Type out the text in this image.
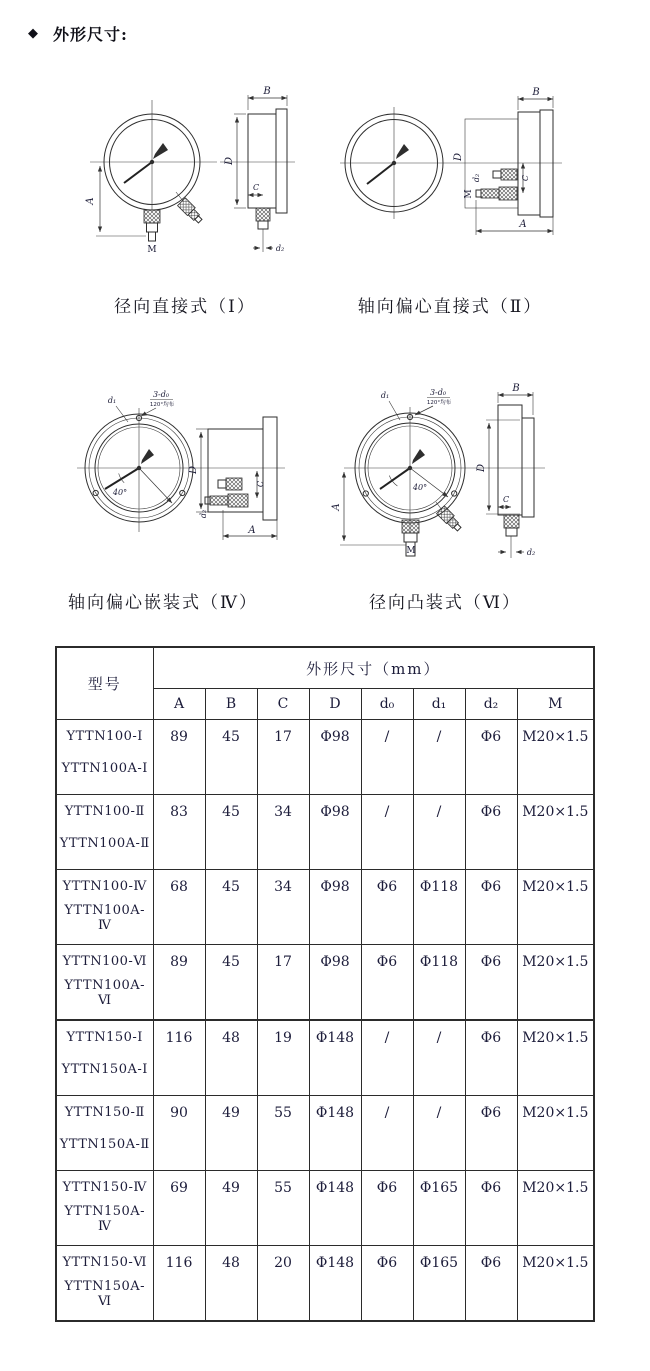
◆ 外形尺寸:
M
A
B
D
C
d₂
D
B
M
d₂	C
A
d₁
3-d₀
120°均布
40°
D
C
d₂
A
d₁	3-d₀
120°均布
40°
A
M
B
D
C
d₂
径向直接式（Ⅰ）	轴向偏心直接式（Ⅱ）
轴向偏心嵌装式（Ⅳ）	径向凸装式（Ⅵ）
型号	外形尺寸（mm）							
	A	B	C	D	d₀	d₁	d₂	M

YTTN100-Ⅰ
YTTN100A-Ⅰ	89	45	17	Φ98	/	/	Φ6	M20×1.5

YTTN100-Ⅱ
YTTN100A-Ⅱ	83	45	34	Φ98	/	/	Φ6	M20×1.5

YTTN100-Ⅳ
YTTN100A-Ⅳ	68	45	34	Φ98	Φ6	Φ118	Φ6	M20×1.5

YTTN100-Ⅵ
YTTN100A-Ⅵ	89	45	17	Φ98	Φ6	Φ118	Φ6	M20×1.5

YTTN150-Ⅰ
YTTN150A-Ⅰ	116	48	19	Φ148	/	/	Φ6	M20×1.5

YTTN150-Ⅱ
YTTN150A-Ⅱ	90	49	55	Φ148	/	/	Φ6	M20×1.5

YTTN150-Ⅳ
YTTN150A-Ⅳ	69	49	55	Φ148	Φ6	Φ165	Φ6	M20×1.5

YTTN150-Ⅵ
YTTN150A-Ⅵ	116	48	20	Φ148	Φ6	Φ165	Φ6	M20×1.5
